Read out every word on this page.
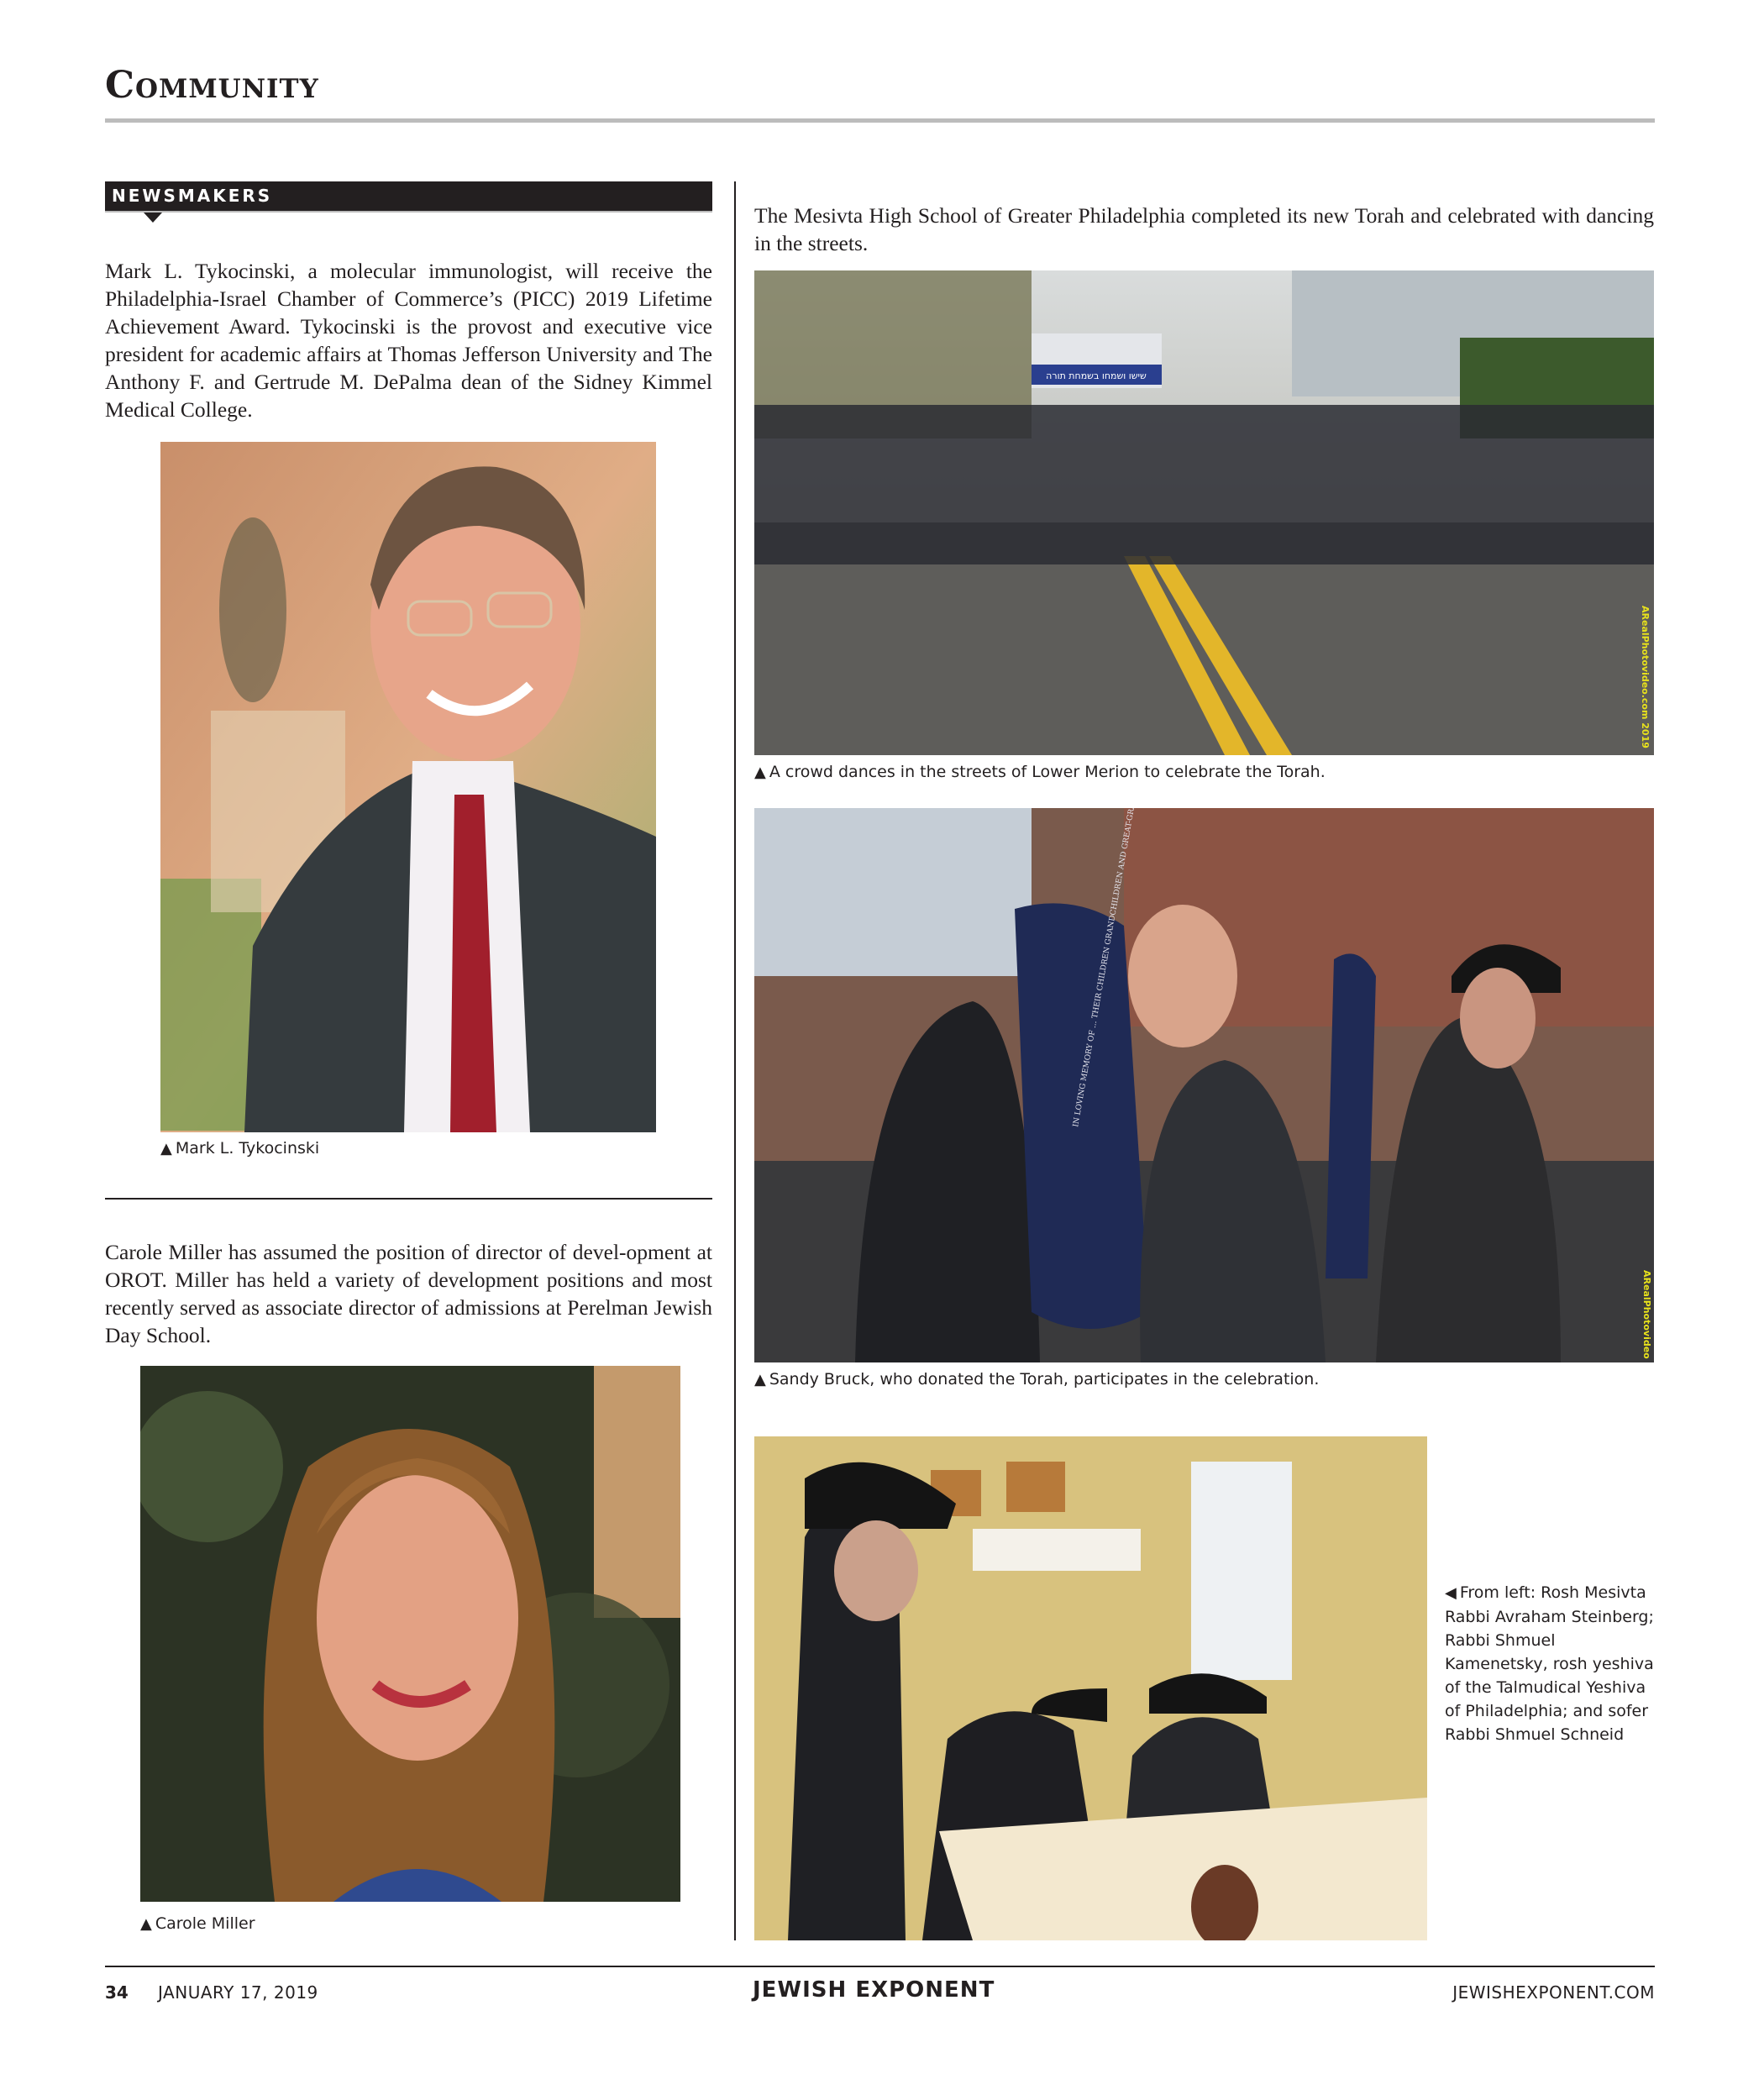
Community
NEWSMAKERS
Mark L. Tykocinski, a molecular immunologist, will receive the Philadelphia-Israel Chamber of Commerce’s (PICC) 2019 Lifetime Achievement Award. Tykocinski is the provost and executive vice president for academic affairs at Thomas Jefferson University and The Anthony F. and Gertrude M. DePalma dean of the Sidney Kimmel Medical College.
▲ Mark L. Tykocinski
Carole Miller has assumed the position of director of devel-opment at OROT. Miller has held a variety of development positions and most recently served as associate director of admissions at Perelman Jewish Day School.
▲ Carole Miller
The Mesivta High School of Greater Philadelphia completed its new Torah and celebrated with dancing in the streets.
שישו ושמחו בשמחת תורה
ARealPhotovideo.com 2019
▲ A crowd dances in the streets of Lower Merion to celebrate the Torah.
IN LOVING MEMORY OF ... THEIR CHILDREN GRANDCHILDREN AND
ARealPhotovideo
▲ Sandy Bruck, who donated the Torah, participates in the celebration.
◀ From left: Rosh Mesivta Rabbi Avraham Steinberg; Rabbi Shmuel Kamenetsky, rosh yeshiva of the Talmudical Yeshiva of Philadelphia; and sofer Rabbi Shmuel Schneid
34 JANUARY 17, 2019	JEWISH EXPONENT	JEWISHEXPONENT.COM
